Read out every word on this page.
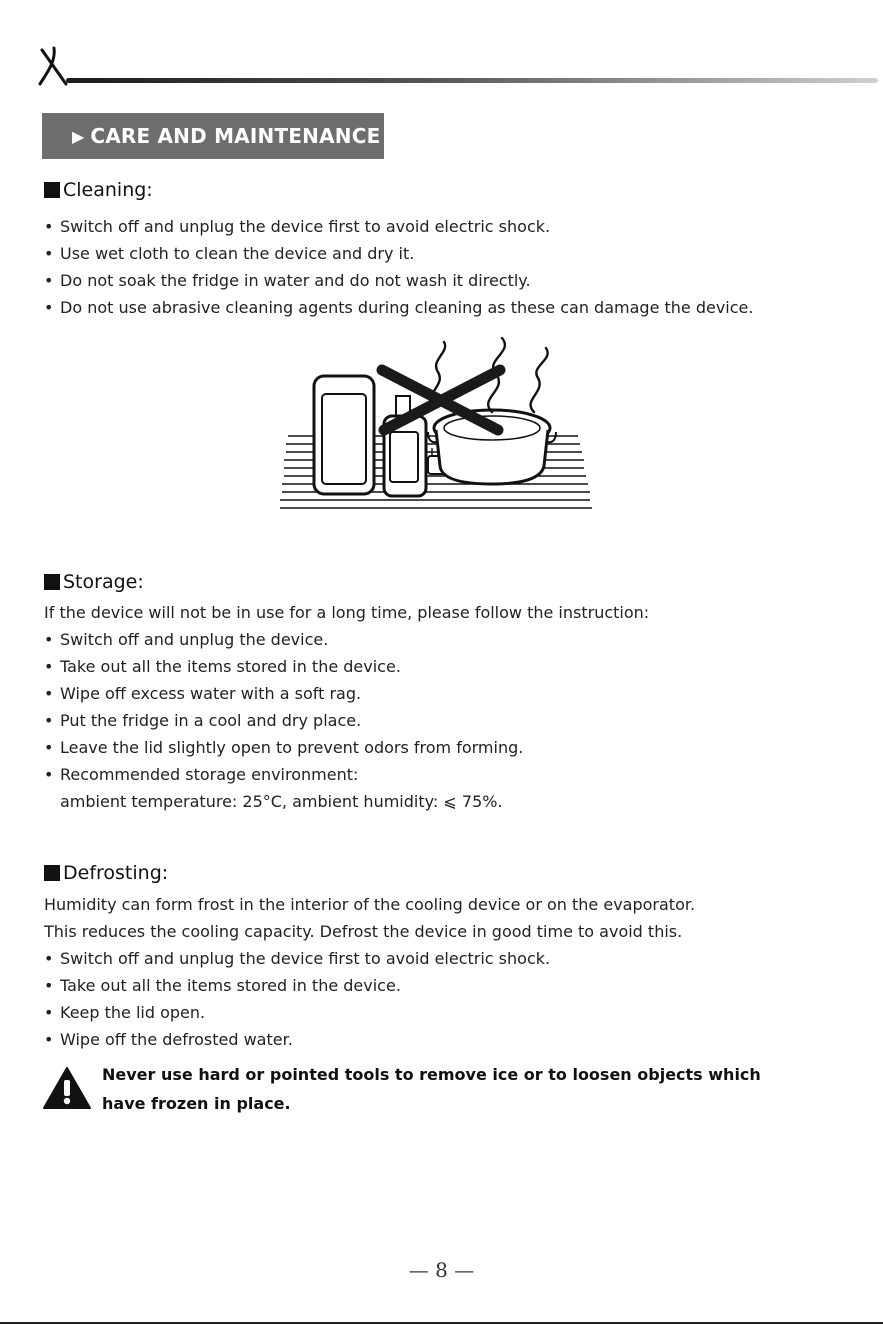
▶ CARE AND MAINTENANCE
Cleaning:
• Switch off and unplug the device first to avoid electric shock.
• Use wet cloth to clean the device and dry it.
• Do not soak the fridge in water and do not wash it directly.
• Do not use abrasive cleaning agents during cleaning as these can damage the device.
Storage:
If the device will not be in use for a long time, please follow the instruction:
• Switch off and unplug the device.
• Take out all the items stored in the device.
• Wipe off excess water with a soft rag.
• Put the fridge in a cool and dry place.
• Leave the lid slightly open to prevent odors from forming.
• Recommended storage environment:
ambient temperature: 25°C, ambient humidity: ⩽ 75%.
Defrosting:
Humidity can form frost in the interior of the cooling device or on the evaporator.
This reduces the cooling capacity. Defrost the device in good time to avoid this.
• Switch off and unplug the device first to avoid electric shock.
• Take out all the items stored in the device.
• Keep the lid open.
• Wipe off the defrosted water.
Never use hard or pointed tools to remove ice or to loosen objects which have frozen in place.
— 8 —
